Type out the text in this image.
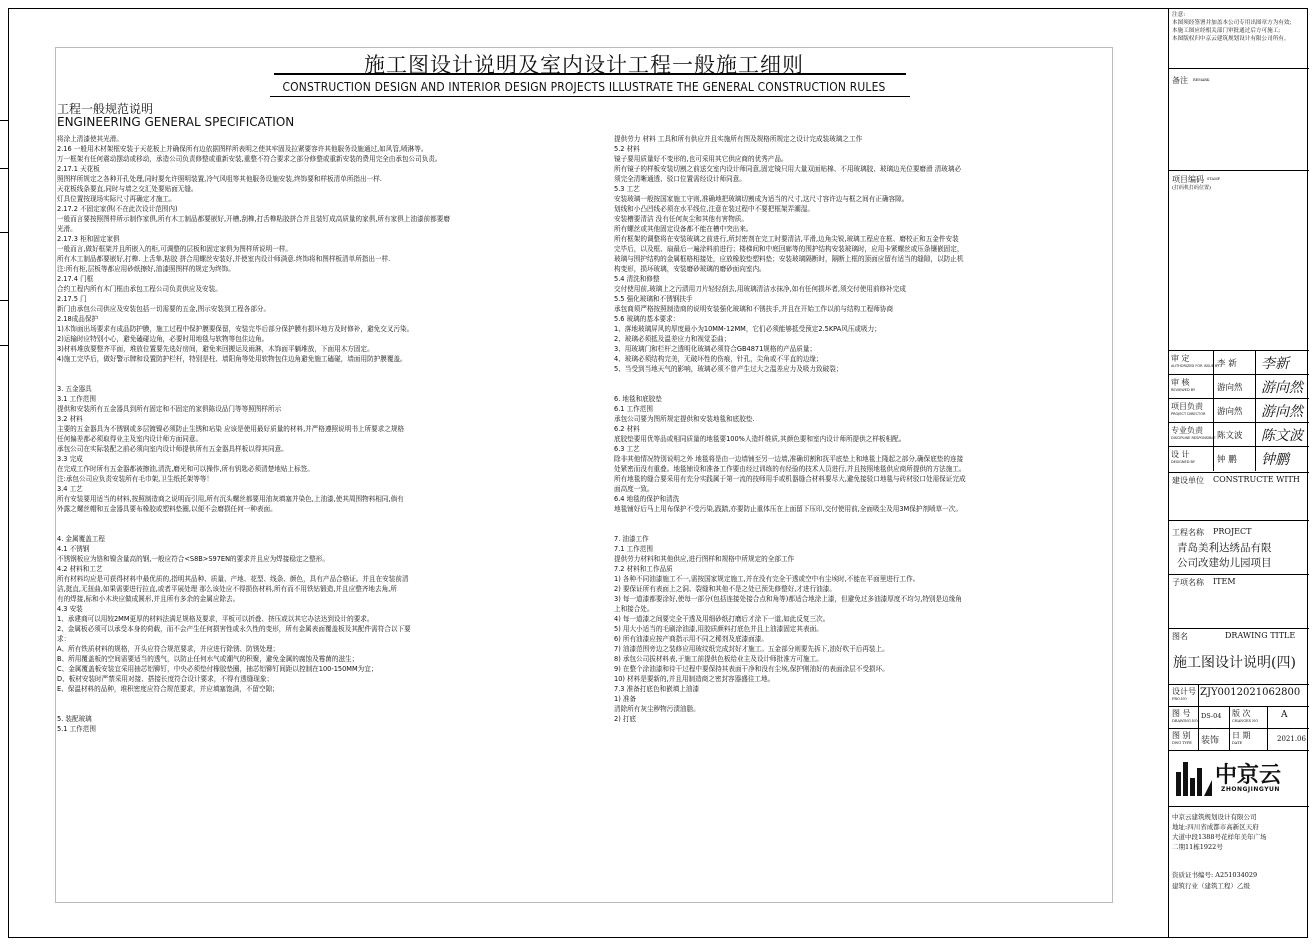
施工图设计说明及室内设计工程一般施工细则
CONSTRUCTION DESIGN AND INTERIOR DESIGN PROJECTS ILLUSTRATE THE GENERAL CONSTRUCTION RULES
工程一般规范说明
ENGINEERING GENERAL SPECIFICATION
将涂上清漆使其光滑。
2.16 一般用木材架框安装于天花板上并确保所有边依据图样所表明之使其牢固及拉紧要容许其他服务设施通过,如风管,喷淋等。
万一框架有任何震动摆动或移动，承造公司负责修整或重新安装,重整不符合要求之部分修整或重新安装的费用完全由承包公司负责。
2.17.1 天花板
照图样所规定之各种开孔处理,同时要允许照明装置,冷气风咀等其他服务设施安装,终饰要和样板清单所指出一样.
天花板线条要直,同时与墙之交汇处要贴面无缝。
灯具位置按现场实际尺寸再确定才施工。
2.17.2 不固定家俱(不在此次设计范围内)
一般而言要按照图样所示制作家俱,所有木工制品都要嵌好,开槽,刮榫,打舌榫粘胶拼合并且装钉成高质量的家俱,所有家俱上油漆前都要磨
光滑。
2.17.3 柜和固定家俱
一般而言,做好框架并且所嵌入的柜,可调整的层板和固定家俱为图样所说明一样。
所有木工制品都要嵌好,打榫. 上舌隼,粘胶 拼合用螺丝安装好,并使室内设计师满意.终饰将和图样板清单所指出一样.
注:所有柜,层板等都应用砂纸擦好,油漆照图样的规定为终饰。
2.17.4 门框
合约工程内所有木门框由承包工程公司负责供应及安装。
2.17.5 门
新门由承包公司供应及安装包括一切需要的五金,图示安装到工程各部分。
2.18成品保护
1)木饰面出场要求有成品防护膜，施工过程中保护膜要保留，安装完毕后部分保护膜有损坏地方及时修补，避免交叉污染。
2)运输时应特别小心，避免磕碰边角，必要时用地毯与软物等包住边角。
3)材料堆放要整齐平面，堆放位置要先选好房间，避免来回搬运及雨淋，木饰面平躺堆放，下面用木方固定。
4)施工完毕后，做好警示牌和设置防护栏杆，特别是柱、墙阳角等处用软物包住边角避免施工磕碰，墙面用防护膜覆盖。
3. 五金器具
3.1 工作范围
提供和安装所有五金器具到所有固定和不固定的家俱陈设品门等等照图样所示
3.2 材料
主要的五金器具为不锈钢或多层镀镍必须防止生锈和玷染 应该是使用最好质量的材料,并严格遵照说明书上所要求之规格
任何偏差都必须取得业主及室内设计师方面同意。
承包公司在实际装配之前必须向室内设计师提供所有五金器具样板以得其同意。
3.3 完成
在完成工作时所有五金器都被擦油,清洗,磨光和可以操作,所有钥匙必须清楚地贴上标签。
注:承包公司应负责安装所有毛巾架,卫生纸托架等等！
3.4 工艺
所有安装要用适当的材料,按照制造商之说明而引用,所有沉头螺丝都要用油灰填塞并染色,上油漆,使其周围物料相同,倘有
外露之螺丝帽和五金器具要布橡胶或塑料垫圈,以便不会磨损任何一种表面。
4. 金属覆盖工程
4.1 不锈钢
不锈钢板应为铬和镍含量高的钢,一般应符合<S8B>S97EN的要求并且应为焊接稳定之整形。
4.2 材料和工艺
所有材料均应是可获得材料中最优质的,指明其品种、质量、产地、花型、线条、颜色，具有产品合格证。并且在安装前清
洁,挺直,无扭曲,如果需要进行拉直,或者平展处理 那么该处应不得损伤材料,所有而不用铁钻锻造,并且应整齐地去角,所
有的焊接,标和小木块应做成圆形,并且所有多余的金属应除去。
4.3 安装
1、承建商可以用较2MM更厚的材料法满足规格及要求，平板可以折叠、挤压或以其它办法达到设计的要求。
2、金属板必须可以承受本身的荷载，而不会产生任何损害性或永久性的变形，所有金属表面覆盖板及其配件需符合以下要
求：
A、所有铁质材料的规格，开头应符合规范要求，并应进行除锈、防锈处理；
B、所用覆盖板的空间需要适当的透气，以防止任何水气或潮气的积聚，避免金属的腐蚀及霉菌的滋生；
C、金属覆盖板安装宜采用抽芯铝铆钉，中央必须垫付橡胶垫圈，抽芯铝铆钉间距以控制在100-150MM为宜；
D、板材安装时严禁采用对接、搭接长度符合设计要求，不得有透缝现象；
E、保温材料的品种，堆积密度应符合规范要求，并应填塞饱满，不留空隙；
5. 装配玻璃
5.1 工作范围
提供劳力 材料 工具和所有供应并且实施所有图及规格所规定之设计完成装玻璃之工作
5.2 材料
镜子要用质量好不变形的,也可采用其它供应商的优秀产品。
所有镜子的样板安装切割之前送交室内设计师同意,固定镜只用大量双面贴棉、不用玻璃胶、玻璃边光位要磨滑 清玻璃必
须完全清晰通透、驳口位置需经设计师同意。
5.3 工艺
安装玻璃一般按国家施工守则,准确地把玻璃切割成为适当的尺寸,这尺寸容许边与框之间有正确容隙。
划线和小凸凹线必须在水平线位,注意在装过程中不要把框架弄潮湿。
安装槽要清洁 没有任何灰尘和其他有害物质。
所有螺丝或其他固定设备都不能在槽中突出来。
所有框架的调整将在安装玻璃之前进行,所封密剂在完工时要清洁,平滑,边角尖锐,玻璃工程应在框、磨校正和五金件安装
完毕后，以及框、扇最后一遍涂料前进行；楼梯间和中庭回廊等的围护结构安装玻璃时，应用卡紧螺丝或压条镶嵌固定，
玻璃与围护结构的金属框格相接处，应放橡胶垫塑料垫；安装玻璃隔断时，隔断上框的顶面应留有适当的缝隙，以防止机
构变形，损坏玻璃，安装磨砂玻璃的磨砂面向室内。
5.4 清洗和修整
交付使用前,玻璃上之污渍用刀片轻轻刮去,用玻璃清洁水抹净,如有任何损坏者,须交付使用前修补完成
5.5 强化玻璃和不锈钢扶手
承包商须严格按照制造商的说明安装强化玻璃和不锈扶手,并且在开始工作以前与结构工程师协商
5.6 玻璃的基本要求：
1、落地玻璃屏风的厚度最小为10MM-12MM，它们必须能够抵受预定2.5KPA风压或吸力；
2、玻璃必须抵及温差应力和视觉歪曲；
3、用玻璃门和栏杆之透明化玻璃必须符合GB4871规格的产品质量；
4、玻璃必须结构完美，无破坏性的伤痕，针孔，尖角或不平直的边缘；
5、当受到当地天气的影响，玻璃必须不曾产生过大之温差应力及吸力致破裂；
6. 地毯和底胶垫
6.1 工作范围
承包公司要为图所规定提供和安装地毯和底胶垫.
6.2 材料
底胶垫要用优等品或相同质量的地毯要100%人造纤维质,其颜色要和室内设计师所提供之样板相配。
6.3 工艺
除非其他情况特别说明之外 地毯将是由一边墙铺至另一边墙,准确切割和抚平底垫上和地毯上隆起之部分,确保底垫的连接
处紧密而没有重叠。地毯铺设和准备工作要由经过训练的有经验的技术人员进行,并且按照地毯供应商所提供的方法施工。
所有地毯的缝合要采用有充分实践属于第一流的技师用手或机器缝合材料要尽大,避免接驳口地毯与砖材驳口处需保证完成
面高度一致。
6.4 地毯的保护和清洗
地毯铺好后马上用布保护不受污染,践踏,亦要防止重体压在上面留下压印,交付使用前,全面吸尘及用3M保护剂喷草一次。
7. 油漆工作
7.1 工作范围
提供劳力材料和其他供应,进行图样和规格中所规定的全部工作
7.2 材料和工作品质
1) 各种不同油漆施工不一,需按国家规定施工,并在没有完全干透或空中有尘埃时,不能在平面里进行工作。
2) 要保证所有表面上之洞、裂缝和其他不是之处已预先修整好,才进行油漆。
3) 每一道漆都要涂好,使每一部分(包括连接处接合点和角等)都适合地涂上漆，但避免过多油漆厚度不均匀,特别是边缘角
上和接合处。
4) 每一道漆之间要完全干透及用细砂纸打磨后才涂下一道,如此反复三次。
5) 用大小适当的毛刷涂油漆,用胶质颜料打底色并且上油漆固定其表面。
6) 所有油漆应按产商指示用不同之稀剂及底漆面漆。
7) 油漆范围旁边之装修应用玻纹纸完成封好才施工。五金部分则要先拆下,油好吹干后再装上。
8) 承包公司拔材料表,于施工前提供色板给业主及设计师批准方可施工。
9) 在整个涂油漆和待干过程中要保持其表面干净和没有尘埃,保护刚油好的表面涂层不受损坏。
10) 材料是要新的,并且用制造商之密封容器盛往工地。
7.3 准备打底色和嵌填上油漆
1) 准备
清除所有灰尘秽物污渍油脂。
2) 打底
注意:
本图须经签署并加盖本公司专用出图章方为有效;
本施工图应经相关部门审批通过后方可施工;
本图版权归中京云建筑规划设计有限公司所有。
备注 REMARK
项目编码 STAMP
(打码机打码位置)
审 定
AUTHORIZED FOR ISSUE BY
李 新 李新
审 核
REVIEWED BY	游向然 游向然
项目负责
PROJECT DIRECTOR 游向然 游向然
专业负责
DISCIPLINE RESPONSIBLE 陈文波 陈文波
设 计
DESIGNED BY	钟 鹏 钟鹏
建设单位 CONSTRUCTE WITH
工程名称 PROJECT
青岛美利达绣品有限
公司改建幼儿园项目
子项名称 ITEM
图名	DRAWING TITLE
施工图设计说明(四)
设计号
PRO.NO
ZJY0012021062800
图 号
DRAWING NO.
DS-04 版 次
CHANGES NO
A
图 别
DWG TYPE 装饰
日 期
DATE	2021.06
中京云
ZHONGJINGYUN
中京云建筑规划设计有限公司
地址:四川省成都市高新区天府
大道中段1388号花样年美年广场
二期11栋1922号
资质证书编号: A251034029
建筑行业（建筑工程）乙级
